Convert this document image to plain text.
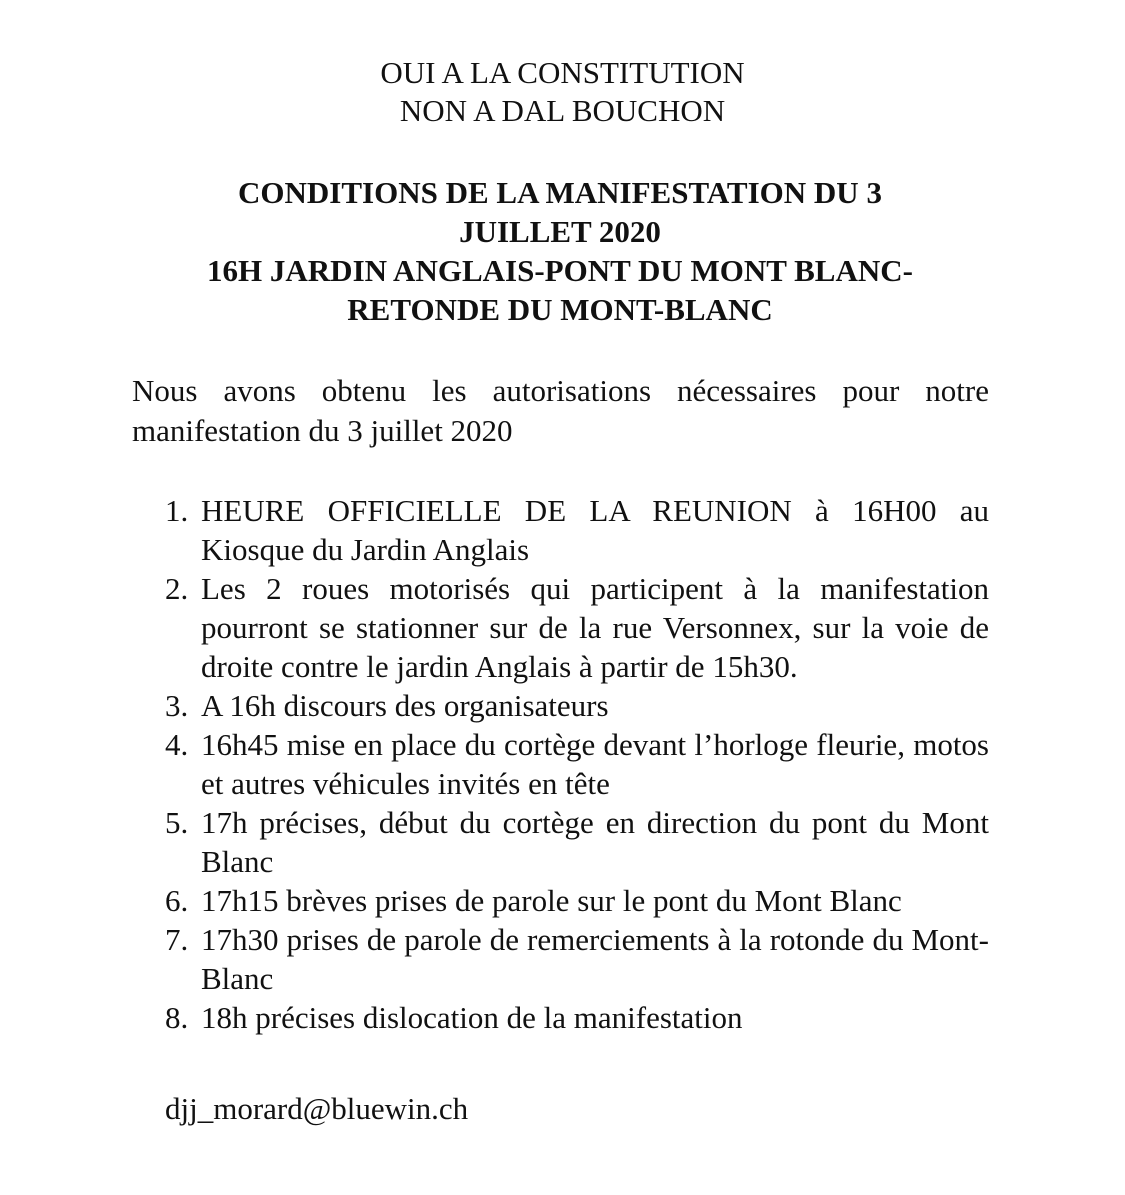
OUI A LA CONSTITUTION
NON A DAL BOUCHON
CONDITIONS DE LA MANIFESTATION DU 3
JUILLET 2020
16H JARDIN ANGLAIS-PONT DU MONT BLANC-
RETONDE DU MONT-BLANC
Nous avons obtenu les autorisations nécessaires pour notre manifestation du 3 juillet 2020
1. HEURE OFFICIELLE DE LA REUNION à 16H00 au Kiosque du Jardin Anglais
2. Les 2 roues motorisés qui participent à la manifestation pourront se stationner sur de la rue Versonnex, sur la voie de droite contre le jardin Anglais à partir de 15h30.
3. A 16h discours des organisateurs
4. 16h45 mise en place du cortège devant l’horloge fleurie, motos et autres véhicules invités en tête
5. 17h précises, début du cortège en direction du pont du Mont Blanc
6. 17h15 brèves prises de parole sur le pont du Mont Blanc
7. 17h30 prises de parole de remerciements à la rotonde du Mont-Blanc
8. 18h précises dislocation de la manifestation
djj_morard@bluewin.ch
